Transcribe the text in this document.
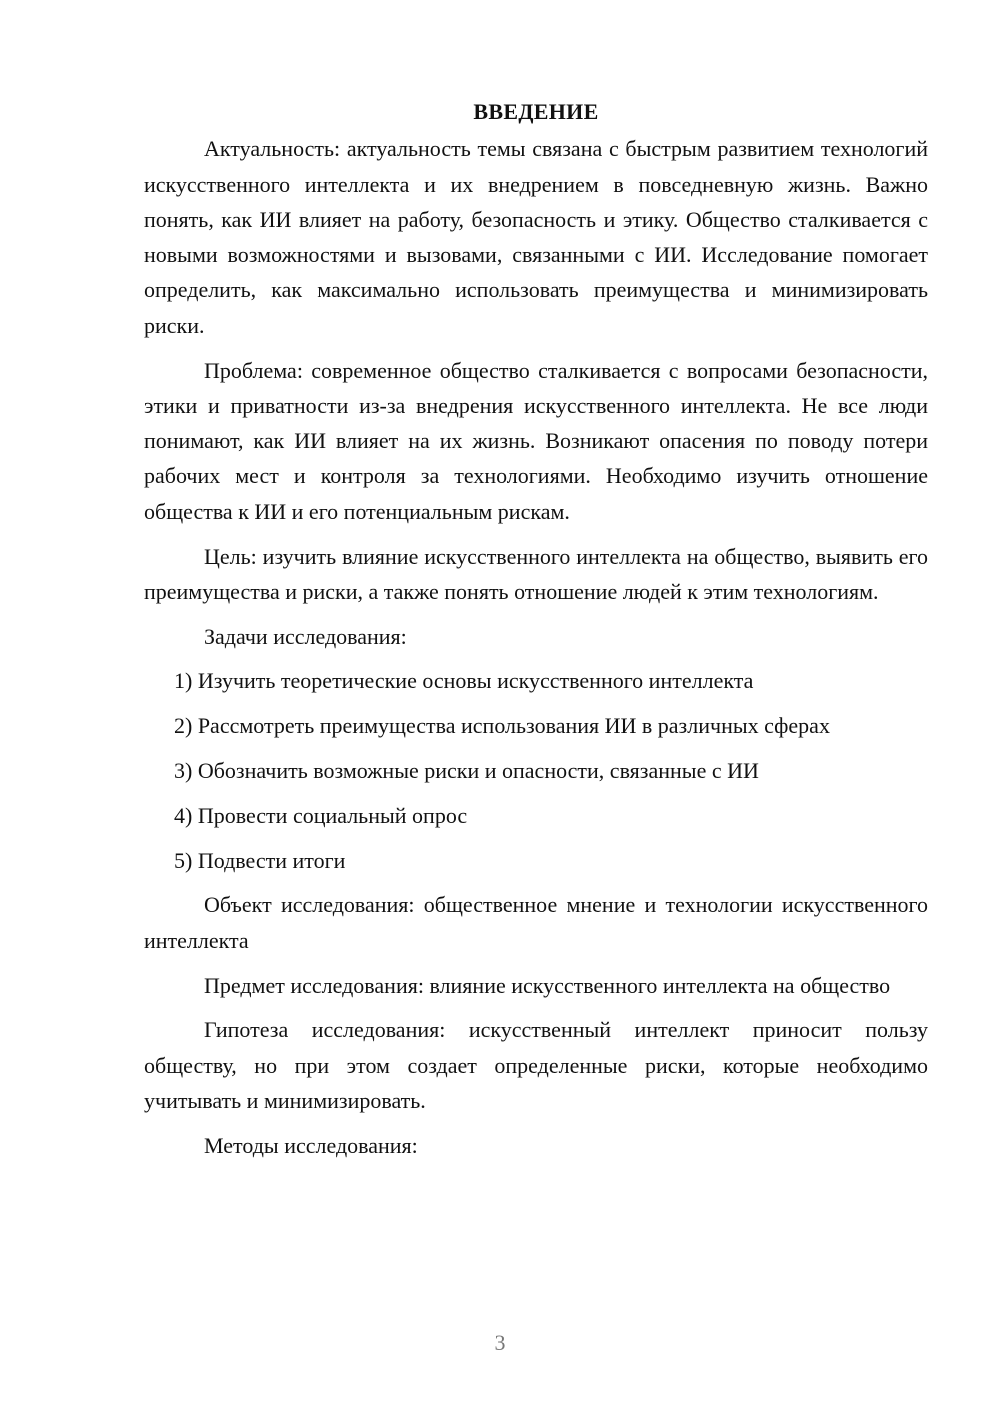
ВВЕДЕНИЕ

Актуальность: актуальность темы связана с быстрым развитием технологий искусственного интеллекта и их внедрением в повседневную жизнь. Важно понять, как ИИ влияет на работу, безопасность и этику. Общество сталкивается с новыми возможностями и вызовами, связанными с ИИ. Исследование помогает определить, как максимально использовать преимущества и минимизировать риски.

Проблема: современное общество сталкивается с вопросами безопасности, этики и приватности из-за внедрения искусственного интеллекта. Не все люди понимают, как ИИ влияет на их жизнь. Возникают опасения по поводу потери рабочих мест и контроля за технологиями. Необходимо изучить отношение общества к ИИ и его потенциальным рискам.

Цель: изучить влияние искусственного интеллекта на общество, выявить его преимущества и риски, а также понять отношение людей к этим технологиям.

Задачи исследования:
1) Изучить теоретические основы искусственного интеллекта
2) Рассмотреть преимущества использования ИИ в различных сферах
3) Обозначить возможные риски и опасности, связанные с ИИ
4) Провести социальный опрос
5) Подвести итоги

Объект исследования: общественное мнение и технологии искусственного интеллекта

Предмет исследования: влияние искусственного интеллекта на общество

Гипотеза исследования: искусственный интеллект приносит пользу обществу, но при этом создает определенные риски, которые необходимо учитывать и минимизировать.

Методы исследования:
3
